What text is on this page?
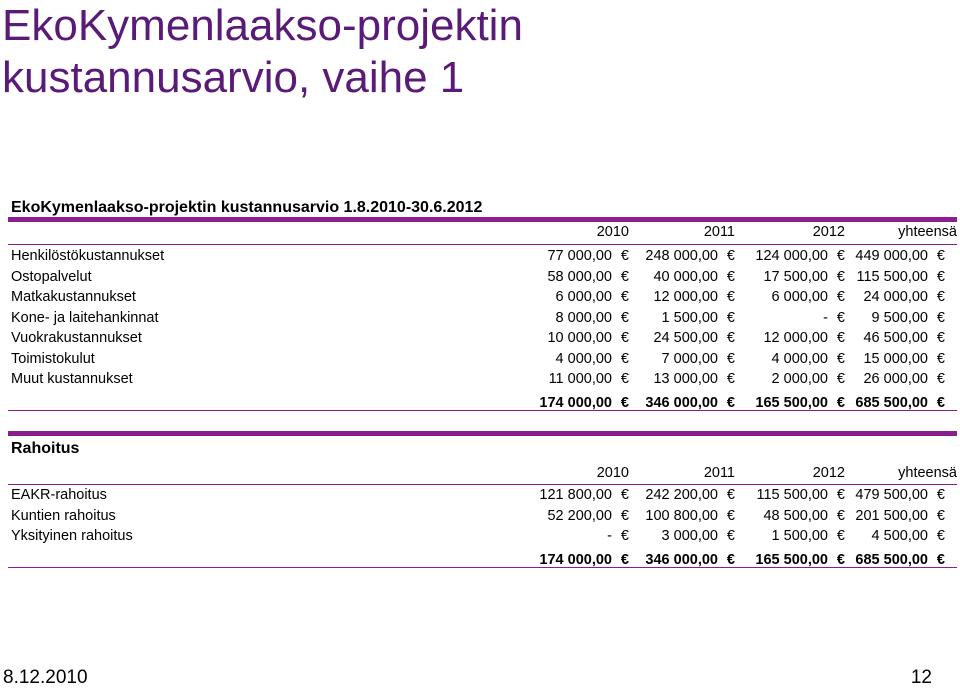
EkoKymenlaakso-projektin
kustannusarvio, vaihe 1
EkoKymenlaakso-projektin kustannusarvio 1.8.2010-30.6.2012
2010	2011	2012	yhteensä
Henkilöstökustannukset	77 000,00 € 248 000,00 € 124 000,00 € 449 000,00 €
Ostopalvelut	58 000,00 € 40 000,00 € 17 500,00 € 115 500,00 €
Matkakustannukset	6 000,00 € 12 000,00 €	6 000,00 € 24 000,00 €
Kone- ja laitehankinnat	8 000,00 € 1 500,00 €	- € 9 500,00 €
Vuokrakustannukset	10 000,00 € 24 500,00 € 12 000,00 € 46 500,00 €
Toimistokulut	4 000,00 € 7 000,00 €	4 000,00 € 15 000,00 €
Muut kustannukset	11 000,00 € 13 000,00 €	2 000,00 € 26 000,00 €
174 000,00 € 346 000,00 € 165 500,00 € 685 500,00 €
Rahoitus
2010	2011	2012	yhteensä
EAKR-rahoitus	121 800,00 € 242 200,00 € 115 500,00 € 479 500,00 €
Kuntien rahoitus	52 200,00 € 100 800,00 € 48 500,00 € 201 500,00 €
Yksityinen rahoitus	- € 3 000,00 €	1 500,00 € 4 500,00 €
174 000,00 € 346 000,00 € 165 500,00 € 685 500,00 €
8.12.2010	12
